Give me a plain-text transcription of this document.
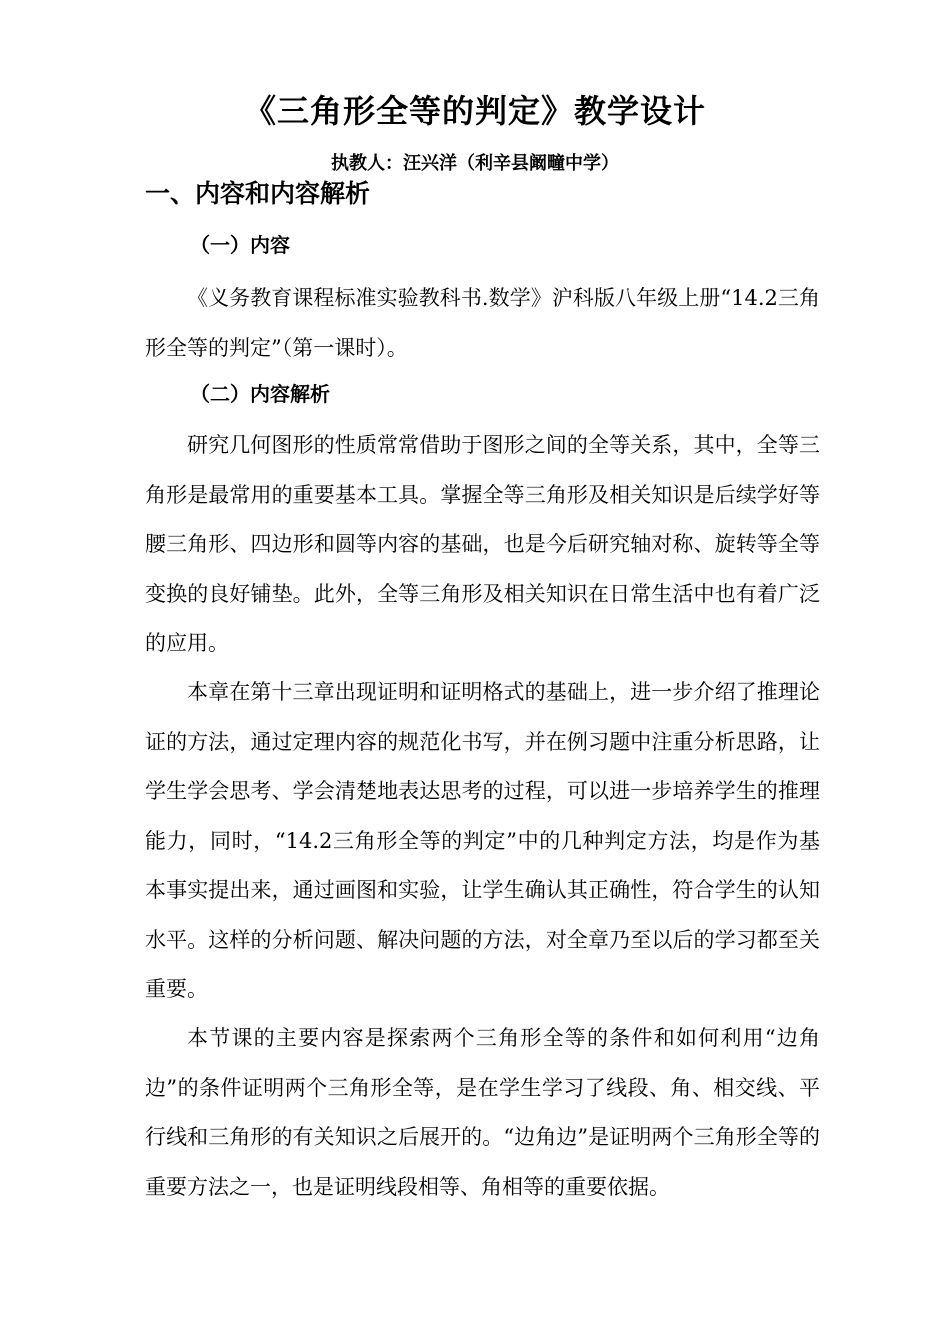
《三角形全等的判定》教学设计
执教人：汪兴洋（利辛县阚疃中学）
一、内容和内容解析
（一）内容

《义务教育课程标准实验教科书.数学》沪科版八年级上册“14.2三角形全等的判定”（第一课时）。

（二）内容解析

研究几何图形的性质常常借助于图形之间的全等关系，其中，全等三角形是最常用的重要基本工具。掌握全等三角形及相关知识是后续学好等腰三角形、四边形和圆等内容的基础，也是今后研究轴对称、旋转等全等变换的良好铺垫。此外，全等三角形及相关知识在日常生活中也有着广泛的应用。

本章在第十三章出现证明和证明格式的基础上，进一步介绍了推理论证的方法，通过定理内容的规范化书写，并在例习题中注重分析思路，让学生学会思考、学会清楚地表达思考的过程，可以进一步培养学生的推理能力，同时，“14.2三角形全等的判定”中的几种判定方法，均是作为基本事实提出来，通过画图和实验，让学生确认其正确性，符合学生的认知水平。这样的分析问题、解决问题的方法，对全章乃至以后的学习都至关重要。

本节课的主要内容是探索两个三角形全等的条件和如何利用“边角边”的条件证明两个三角形全等，是在学生学习了线段、角、相交线、平行线和三角形的有关知识之后展开的。“边角边”是证明两个三角形全等的重要方法之一，也是证明线段相等、角相等的重要依据。
